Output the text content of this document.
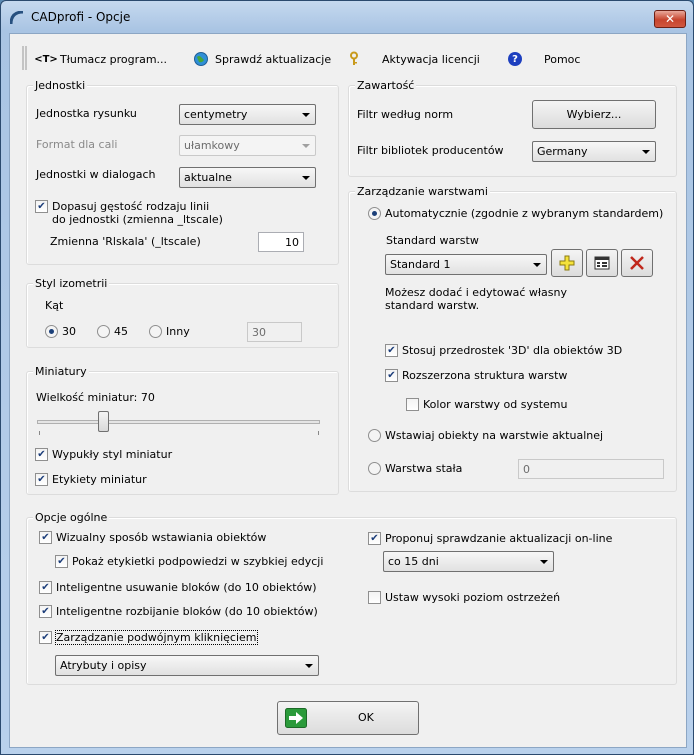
CADprofi - Opcje	✕
<T> Tłumacz program...	Sprawdź aktualizacje	Aktywacja licencji	?	Pomoc
Jednostki
Jednostka rysunku	centymetry
Format dla cali	ułamkowy
Jednostki w dialogach	aktualne
✔ Dopasuj gęstość rodzaju linii
do jednostki (zmienna _ltscale)
Zmienna 'Rlskala' (_ltscale)	10
Styl izometrii
Kąt
30	45	Inny	30
Miniatury
Wielkość miniatur: 70
✔ Wypukły styl miniatur
✔ Etykiety miniatur
Zawartość
Filtr według norm	Wybierz...
Filtr bibliotek producentów	Germany
Zarządzanie warstwami
Automatycznie (zgodnie z wybranym standardem)
Standard warstw
Standard 1
Możesz dodać i edytować własny
standard warstw.
✔ Stosuj przedrostek '3D' dla obiektów 3D
✔ Rozszerzona struktura warstw
Kolor warstwy od systemu
Wstawiaj obiekty na warstwie aktualnej
Warstwa stała	0
Opcje ogólne
✔ Wizualny sposób wstawiania obiektów
✔ Pokaż etykietki podpowiedzi w szybkiej edycji
✔ Inteligentne usuwanie bloków (do 10 obiektów)
✔ Inteligentne rozbijanie bloków (do 10 obiektów)
✔ Zarządzanie podwójnym kliknięciem
Atrybuty i opisy
✔ Proponuj sprawdzanie aktualizacji on-line
co 15 dni
Ustaw wysoki poziom ostrzeżeń
OK
